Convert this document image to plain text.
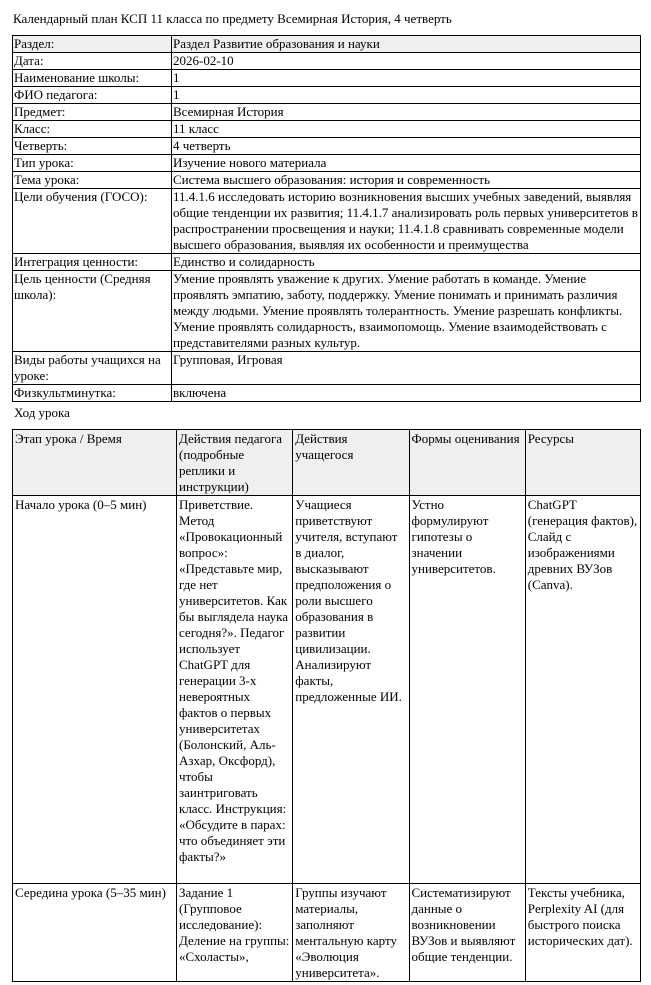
Календарный план КСП 11 класса по предмету Всемирная История, 4 четверть
Раздел:	Раздел Развитие образования и науки
Дата:	2026-02-10
Наименование школы:	1
ФИО педагога:	1
Предмет:	Всемирная История
Класс:	11 класс
Четверть:	4 четверть
Тип урока:	Изучение нового материала
Тема урока:	Система высшего образования: история и современность
Цели обучения (ГОСО):	11.4.1.6 исследовать историю возникновения высших учебных заведений, выявляя общие тенденции их развития; 11.4.1.7 анализировать роль первых университетов в распространении просвещения и науки; 11.4.1.8 сравнивать современные модели высшего образования, выявляя их особенности и преимущества
Интеграция ценности:	Единство и солидарность
Цель ценности (Средняя школа):	Умение проявлять уважение к других. Умение работать в команде. Умение проявлять эмпатию, заботу, поддержку. Умение понимать и принимать различия между людьми. Умение проявлять толерантность. Умение разрешать конфликты. Умение проявлять солидарность, взаимопомощь. Умение взаимодействовать с представителями разных культур.
Виды работы учащихся на уроке:	Групповая, Игровая
Физкультминутка:	включена
Ход урока
Этап урока / Время	Действия педагога (подробные реплики и инструкции)	Действия учащегося	Формы оценивания	Ресурсы
Начало урока (0–5 мин)	Приветствие. Метод «Провокационный вопрос»: «Представьте мир, где нет университетов. Как бы выглядела наука сегодня?». Педагог использует ChatGPT для генерации 3-х невероятных фактов о первых университетах (Болонский, Аль-Азхар, Оксфорд), чтобы заинтриговать класс. Инструкция: «Обсудите в парах: что объединяет эти факты?»	Учащиеся приветствуют учителя, вступают в диалог, высказывают предположения о роли высшего образования в развитии цивилизации. Анализируют факты, предложенные ИИ.	Устно формулируют гипотезы о значении университетов.	ChatGPT (генерация фактов), Слайд с изображениями древних ВУЗов (Canva).
Середина урока (5–35 мин)	Задание 1 (Групповое исследование): Деление на группы: «Схоласты»,	Группы изучают материалы, заполняют ментальную карту «Эволюция университета».	Систематизируют данные о возникновении ВУЗов и выявляют общие тенденции.	Тексты учебника, Perplexity AI (для быстрого поиска исторических дат).
